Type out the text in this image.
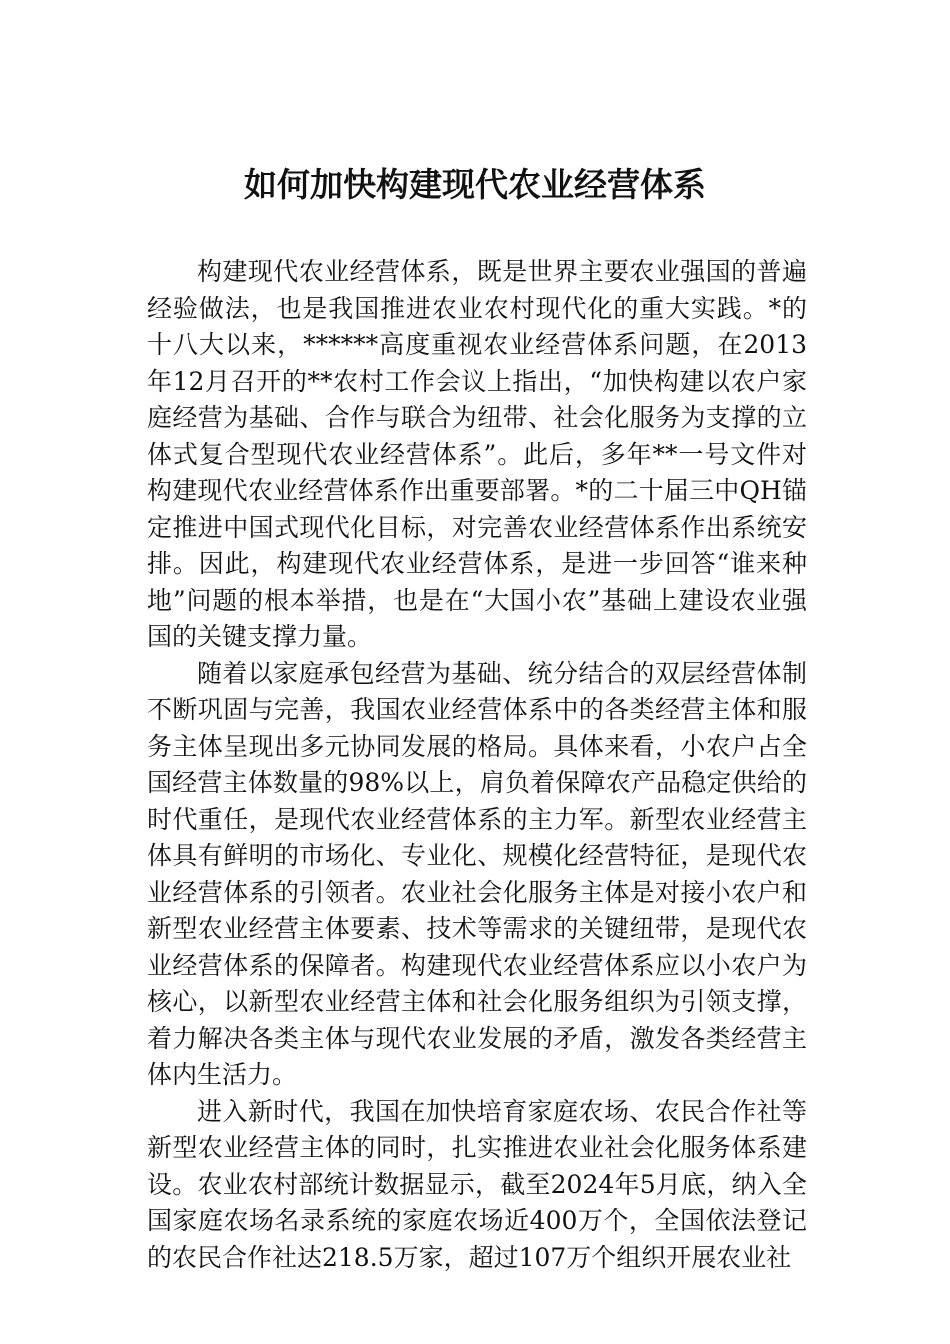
如何加快构建现代农业经营体系

构建现代农业经营体系，既是世界主要农业强国的普遍经验做法，也是我国推进农业农村现代化的重大实践。*的十八大以来，******高度重视农业经营体系问题，在2013年12月召开的**农村工作会议上指出，“加快构建以农户家庭经营为基础、合作与联合为纽带、社会化服务为支撑的立体式复合型现代农业经营体系”。此后，多年**一号文件对构建现代农业经营体系作出重要部署。*的二十届三中QH锚定推进中国式现代化目标，对完善农业经营体系作出系统安排。因此，构建现代农业经营体系，是进一步回答“谁来种地”问题的根本举措，也是在“大国小农”基础上建设农业强国的关键支撑力量。

随着以家庭承包经营为基础、统分结合的双层经营体制不断巩固与完善，我国农业经营体系中的各类经营主体和服务主体呈现出多元协同发展的格局。具体来看，小农户占全国经营主体数量的98%以上，肩负着保障农产品稳定供给的时代重任，是现代农业经营体系的主力军。新型农业经营主体具有鲜明的市场化、专业化、规模化经营特征，是现代农业经营体系的引领者。农业社会化服务主体是对接小农户和新型农业经营主体要素、技术等需求的关键纽带，是现代农业经营体系的保障者。构建现代农业经营体系应以小农户为核心，以新型农业经营主体和社会化服务组织为引领支撑，着力解决各类主体与现代农业发展的矛盾，激发各类经营主体内生活力。

进入新时代，我国在加快培育家庭农场、农民合作社等新型农业经营主体的同时，扎实推进农业社会化服务体系建设。农业农村部统计数据显示，截至2024年5月底，纳入全国家庭农场名录系统的家庭农场近400万个，全国依法登记的农民合作社达218.5万家，超过107万个组织开展农业社
